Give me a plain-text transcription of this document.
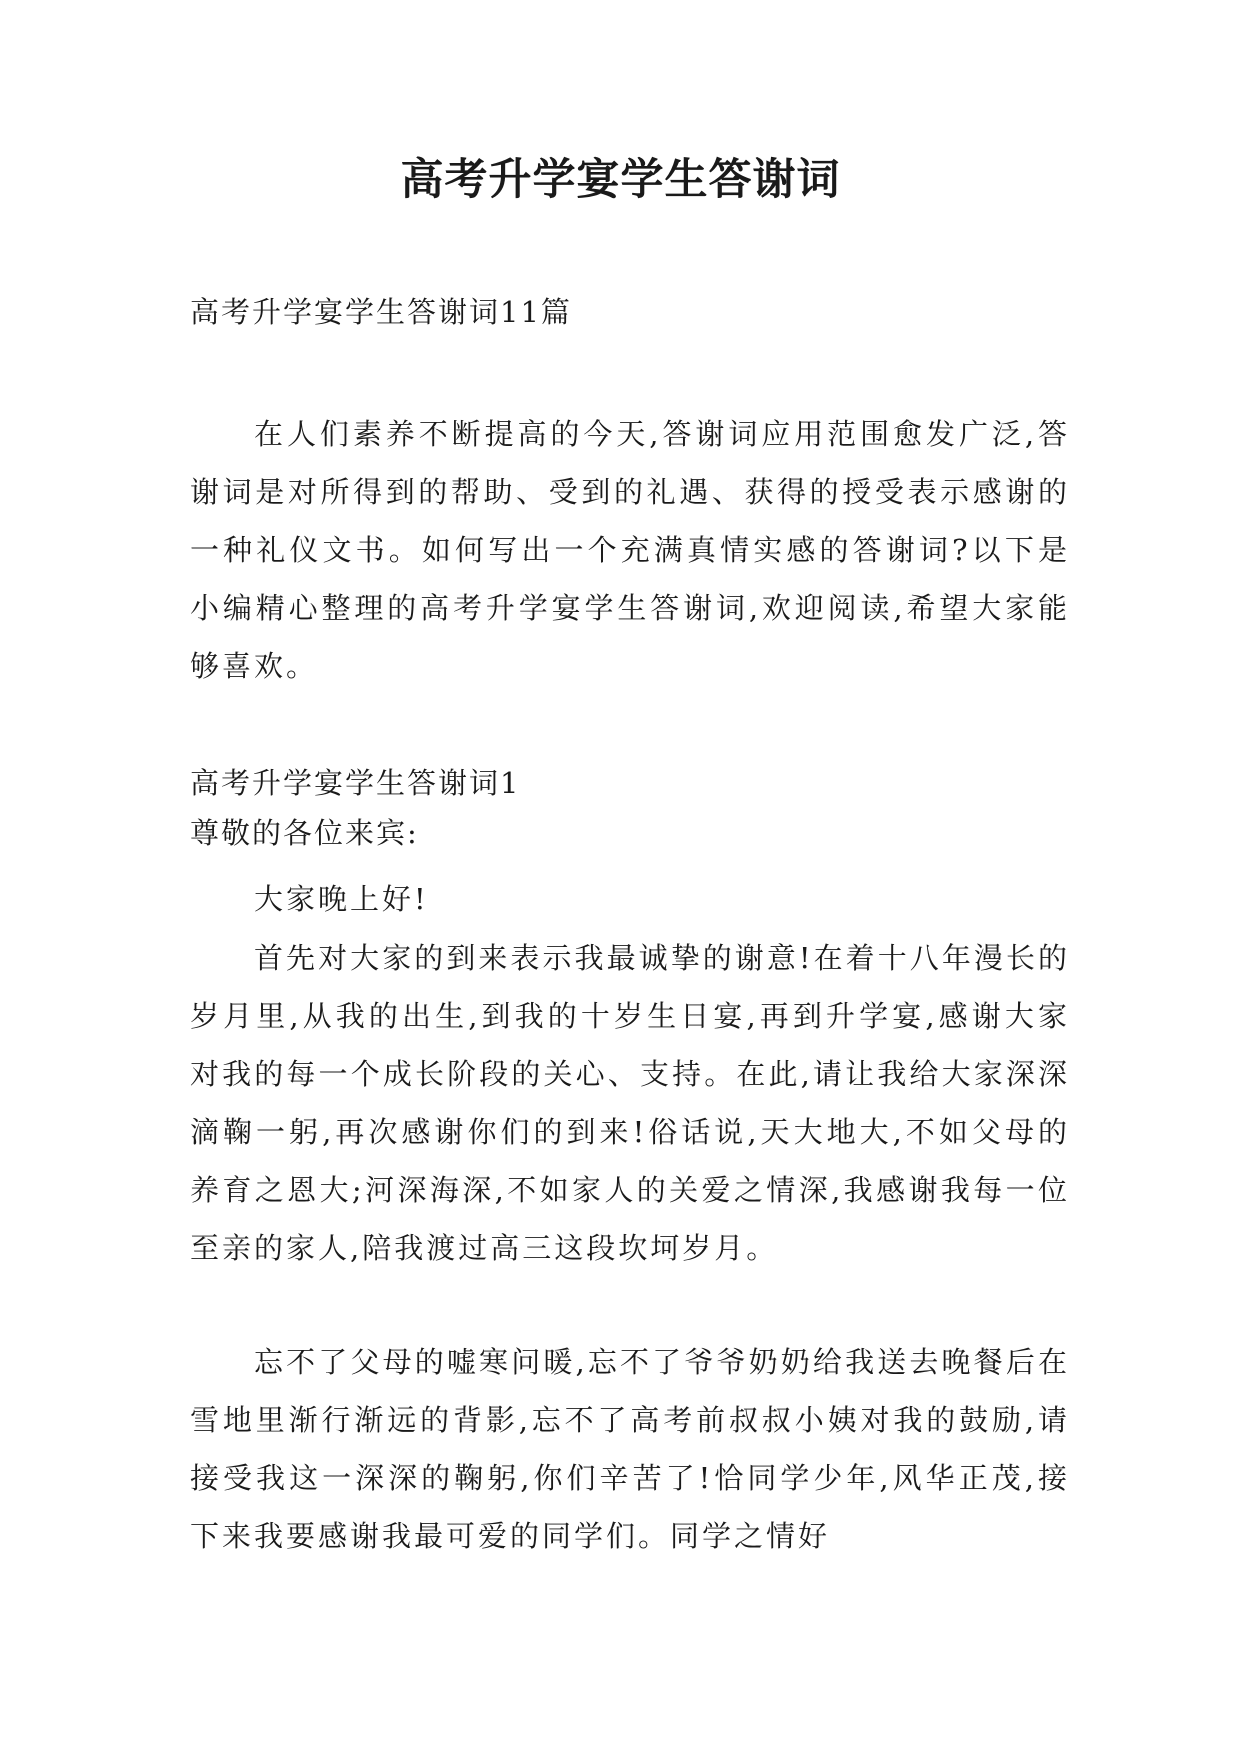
高考升学宴学生答谢词
高考升学宴学生答谢词11篇

在人们素养不断提高的今天,答谢词应用范围愈发广泛,答谢词是对所得到的帮助、受到的礼遇、获得的授受表示感谢的一种礼仪文书。如何写出一个充满真情实感的答谢词?以下是小编精心整理的高考升学宴学生答谢词,欢迎阅读,希望大家能够喜欢。

高考升学宴学生答谢词1
尊敬的各位来宾:
大家晚上好!

首先对大家的到来表示我最诚挚的谢意!在着十八年漫长的岁月里,从我的出生,到我的十岁生日宴,再到升学宴,感谢大家对我的每一个成长阶段的关心、支持。在此,请让我给大家深深滴鞠一躬,再次感谢你们的到来!俗话说,天大地大,不如父母的养育之恩大;河深海深,不如家人的关爱之情深,我感谢我每一位至亲的家人,陪我渡过高三这段坎坷岁月。

忘不了父母的嘘寒问暖,忘不了爷爷奶奶给我送去晚餐后在雪地里渐行渐远的背影,忘不了高考前叔叔小姨对我的鼓励,请接受我这一深深的鞠躬,你们辛苦了!恰同学少年,风华正茂,接下来我要感谢我最可爱的同学们。同学之情好
